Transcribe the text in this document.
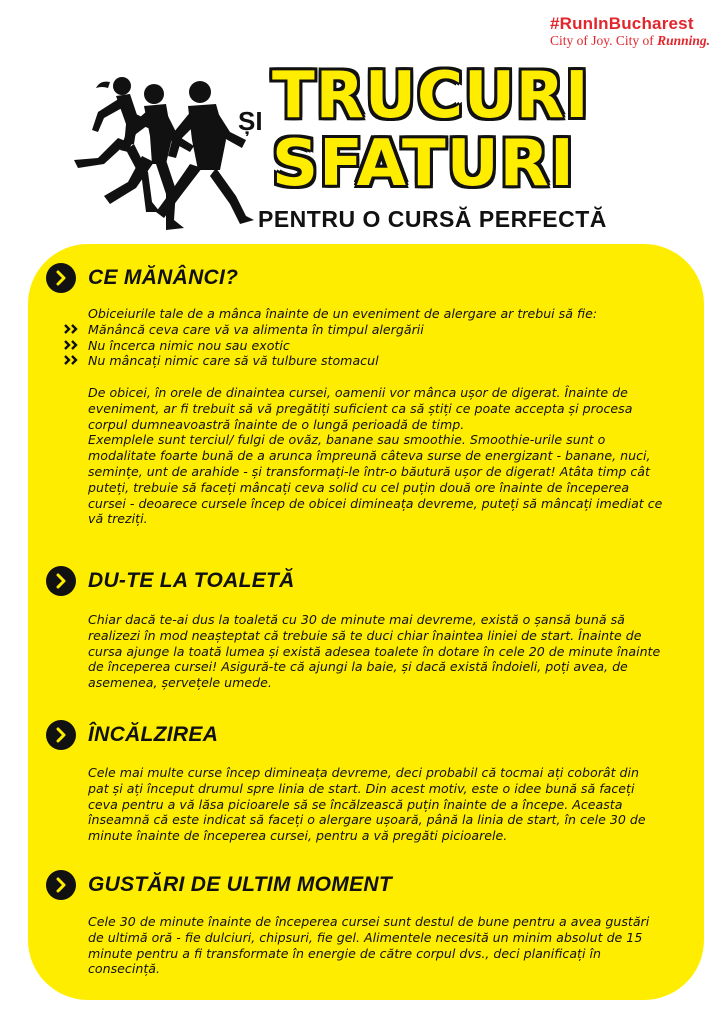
#RunInBucharest
City of Joy. City of Running.
ȘI TRUCURI
SFATURI
PENTRU O CURSĂ PERFECTĂ
CE MĂNÂNCI?

Obiceiurile tale de a mânca înainte de un eveniment de alergare ar trebui să fie:

Mănâncă ceva care vă va alimenta în timpul alergării
Nu încerca nimic nou sau exotic
Nu mâncați nimic care să vă tulbure stomacul

De obicei, în orele de dinaintea cursei, oamenii vor mânca ușor de digerat. Înainte de eveniment, ar fi trebuit să vă pregătiți suficient ca să știți ce poate accepta și procesa corpul dumneavoastră înainte de o lungă perioadă de timp.

Exemplele sunt terciul/ fulgi de ovăz, banane sau smoothie. Smoothie-urile sunt o modalitate foarte bună de a arunca împreună câteva surse de energizant - banane, nuci, semințe, unt de arahide - și transformați-le într-o băutură ușor de digerat! Atâta timp cât puteți, trebuie să faceți mâncați ceva solid cu cel puțin două ore înainte de începerea cursei - deoarece cursele încep de obicei dimineața devreme, puteți să mâncați imediat ce vă treziți.

DU-TE LA TOALETĂ

Chiar dacă te-ai dus la toaletă cu 30 de minute mai devreme, există o șansă bună să realizezi în mod neașteptat că trebuie să te duci chiar înaintea liniei de start. Înainte de cursa ajunge la toată lumea și există adesea toalete în dotare în cele 20 de minute înainte de începerea cursei! Asigură-te că ajungi la baie, și dacă există îndoieli, poți avea, de asemenea, șervețele umede.

ÎNCĂLZIREA

Cele mai multe curse încep dimineața devreme, deci probabil că tocmai ați coborât din pat și ați început drumul spre linia de start. Din acest motiv, este o idee bună să faceți ceva pentru a vă lăsa picioarele să se încălzească puțin înainte de a începe. Aceasta înseamnă că este indicat să faceți o alergare ușoară, până la linia de start, în cele 30 de minute înainte de începerea cursei, pentru a vă pregăti picioarele.

GUSTĂRI DE ULTIM MOMENT

Cele 30 de minute înainte de începerea cursei sunt destul de bune pentru a avea gustări de ultimă oră - fie dulciuri, chipsuri, fie gel. Alimentele necesită un minim absolut de 15 minute pentru a fi transformate în energie de către corpul dvs., deci planificați în consecință.
